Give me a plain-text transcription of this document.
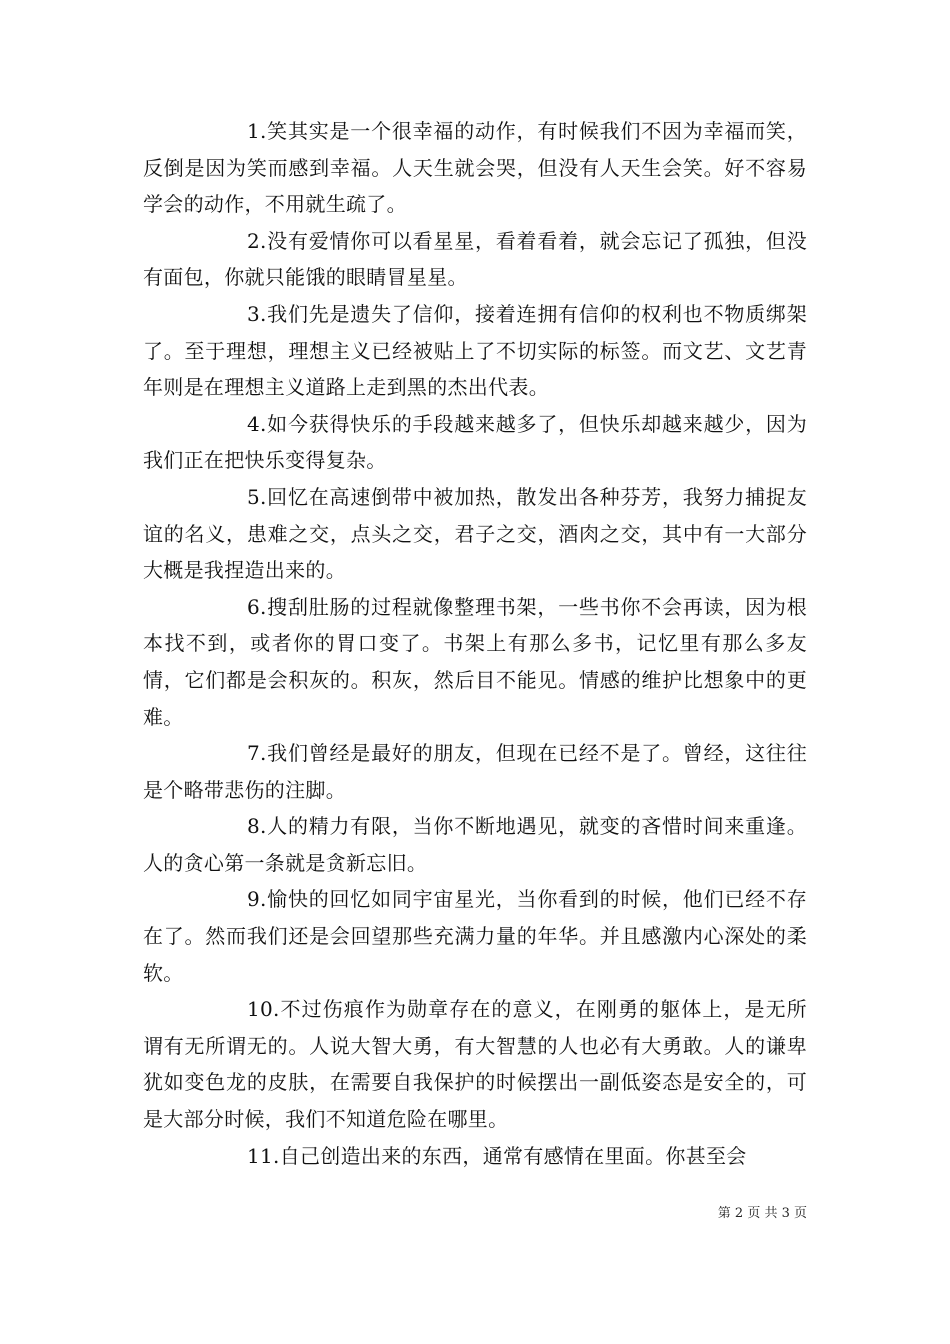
1.笑其实是一个很幸福的动作，有时候我们不因为幸福而笑，反倒是因为笑而感到幸福。人天生就会哭，但没有人天生会笑。好不容易学会的动作，不用就生疏了。

2.没有爱情你可以看星星，看着看着，就会忘记了孤独，但没有面包，你就只能饿的眼睛冒星星。

3.我们先是遗失了信仰，接着连拥有信仰的权利也不物质绑架了。至于理想，理想主义已经被贴上了不切实际的标签。而文艺、文艺青年则是在理想主义道路上走到黑的杰出代表。

4.如今获得快乐的手段越来越多了，但快乐却越来越少，因为我们正在把快乐变得复杂。

5.回忆在高速倒带中被加热，散发出各种芬芳，我努力捕捉友谊的名义，患难之交，点头之交，君子之交，酒肉之交，其中有一大部分大概是我捏造出来的。

6.搜刮肚肠的过程就像整理书架，一些书你不会再读，因为根本找不到，或者你的胃口变了。书架上有那么多书，记忆里有那么多友情，它们都是会积灰的。积灰，然后目不能见。情感的维护比想象中的更难。

7.我们曾经是最好的朋友，但现在已经不是了。曾经，这往往是个略带悲伤的注脚。

8.人的精力有限，当你不断地遇见，就变的吝惜时间来重逢。人的贪心第一条就是贪新忘旧。

9.愉快的回忆如同宇宙星光，当你看到的时候，他们已经不存在了。然而我们还是会回望那些充满力量的年华。并且感激内心深处的柔软。

10.不过伤痕作为勋章存在的意义，在刚勇的躯体上，是无所谓有无所谓无的。人说大智大勇，有大智慧的人也必有大勇敢。人的谦卑犹如变色龙的皮肤，在需要自我保护的时候摆出一副低姿态是安全的，可是大部分时候，我们不知道危险在哪里。

11.自己创造出来的东西，通常有感情在里面。你甚至会

第 2 页 共 3 页
